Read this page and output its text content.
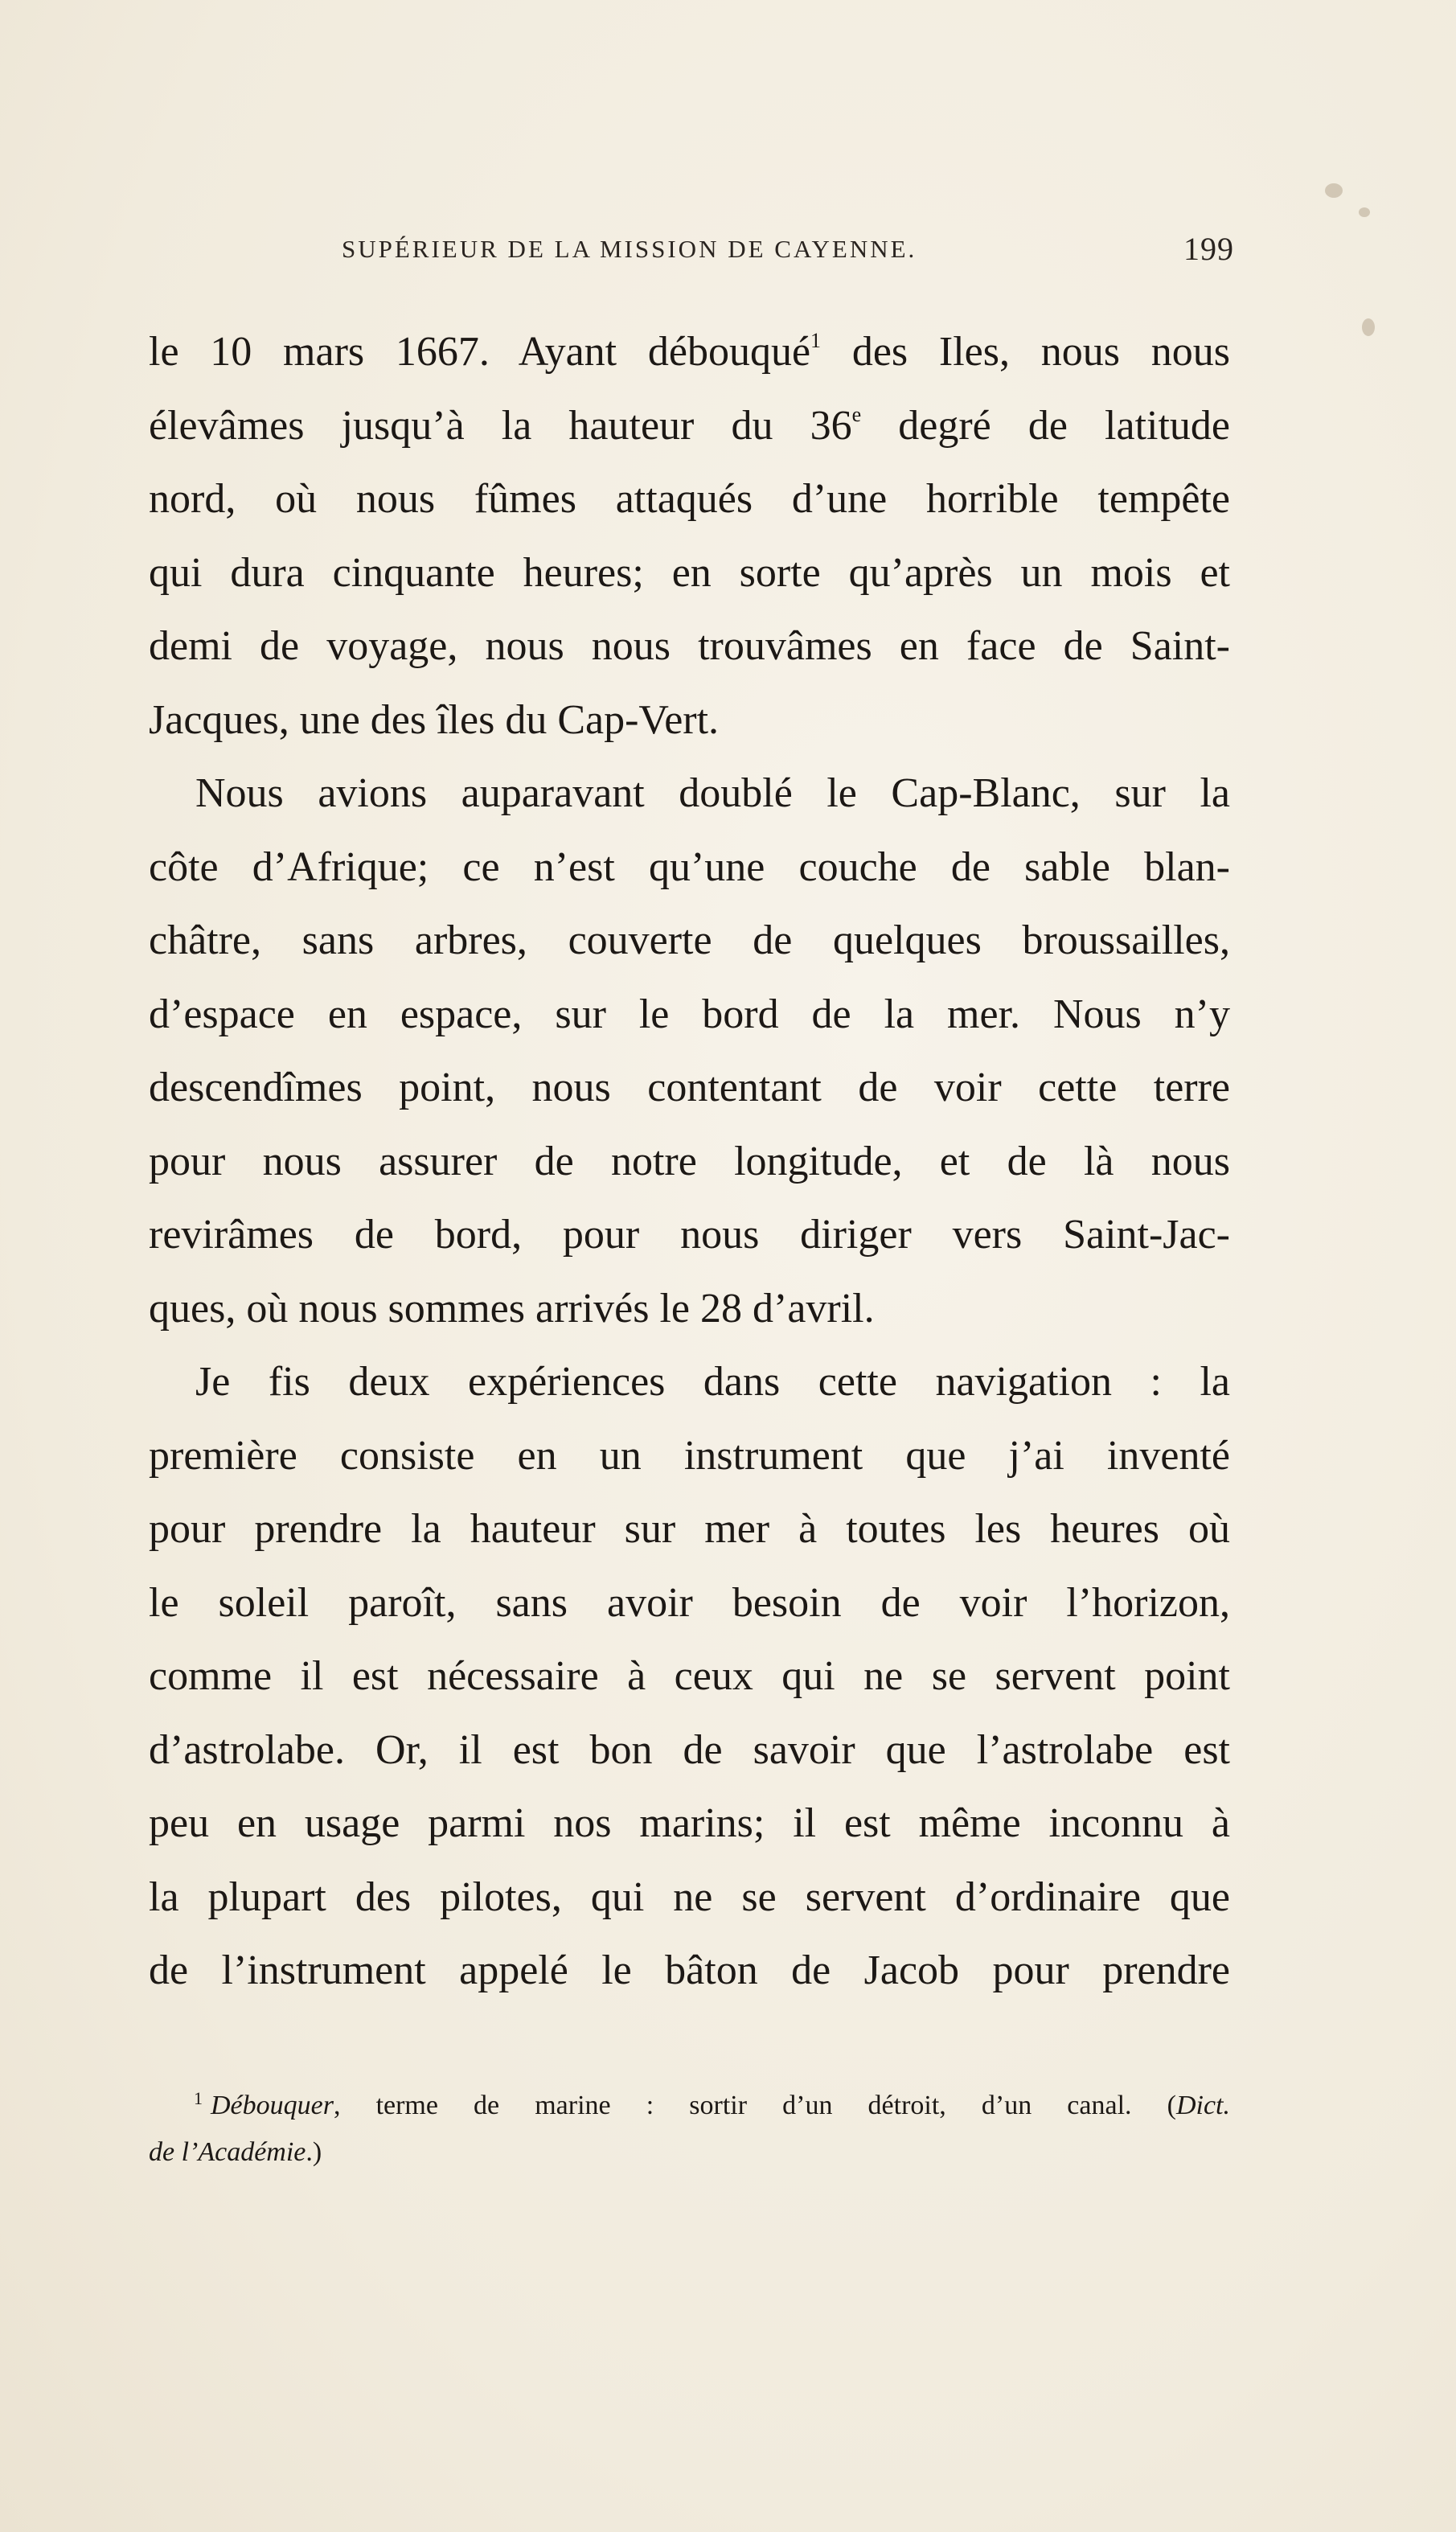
SUPÉRIEUR DE LA MISSION DE CAYENNE.	199
le 10 mars 1667. Ayant débouqué$^1$ des Iles, nous nous
élevâmes jusqu’à la hauteur du 36e degré de latitude
nord, où nous fûmes attaqués d’une horrible tempête
qui dura cinquante heures; en sorte qu’après un mois et
demi de voyage, nous nous trouvâmes en face de Saint-
Jacques, une des îles du Cap-Vert.
Nous avions auparavant doublé le Cap-Blanc, sur la
côte d’Afrique; ce n’est qu’une couche de sable blan-
châtre, sans arbres, couverte de quelques broussailles,
d’espace en espace, sur le bord de la mer. Nous n’y
descendîmes point, nous contentant de voir cette terre
pour nous assurer de notre longitude, et de là nous
revirâmes de bord, pour nous diriger vers Saint-Jac-
ques, où nous sommes arrivés le 28 d’avril.
Je fis deux expériences dans cette navigation : la
première consiste en un instrument que j’ai inventé
pour prendre la hauteur sur mer à toutes les heures où
le soleil paroît, sans avoir besoin de voir l’horizon,
comme il est nécessaire à ceux qui ne se servent point
d’astrolabe. Or, il est bon de savoir que l’astrolabe est
peu en usage parmi nos marins; il est même inconnu à
la plupart des pilotes, qui ne se servent d’ordinaire que
de l’instrument appelé le bâton de Jacob pour prendre
$^1$ Débouquer, terme de marine : sortir d’un détroit, d’un canal. (Dict.
de l’Académie.)
